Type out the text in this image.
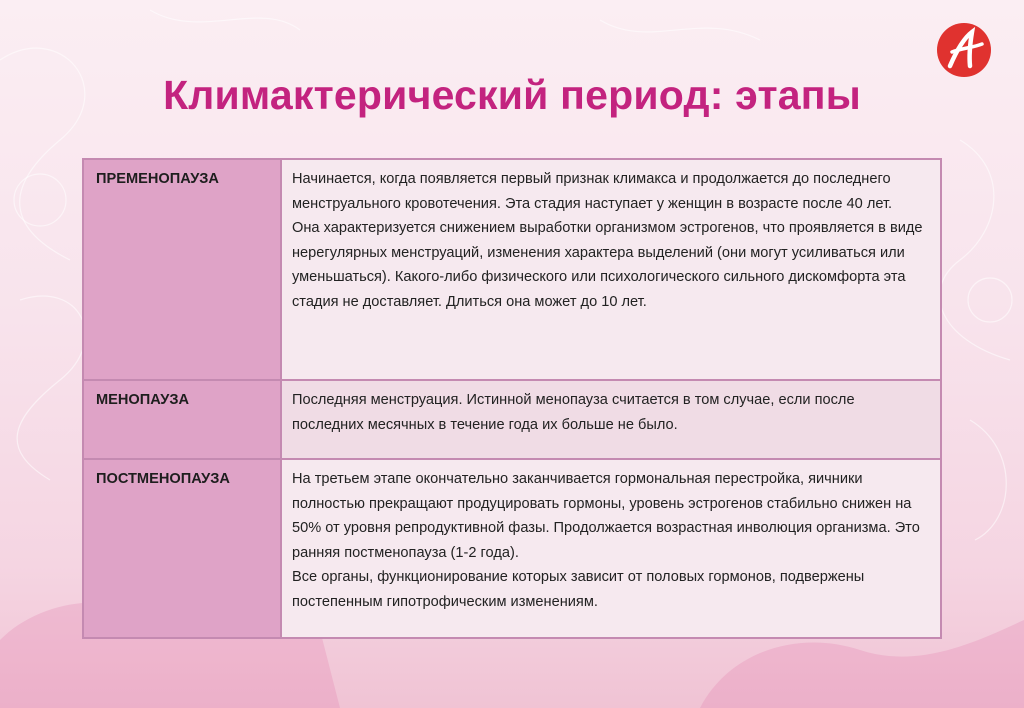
Климактерический период: этапы
ПРЕМЕНОПАУЗА	Начинается, когда появляется первый признак климакса и продолжается до последнего менструального кровотечения. Эта стадия наступает у женщин в возрасте после 40 лет.
Она характеризуется снижением выработки организмом эстрогенов, что проявляется в виде нерегулярных менструаций, изменения характера выделений (они могут усиливаться или уменьшаться). Какого-либо физического или психологического сильного дискомфорта эта стадия не доставляет. Длиться она может до 10 лет.

МЕНОПАУЗА	Последняя менструация. Истинной менопауза считается в том случае, если после последних месячных в течение года их больше не было.

ПОСТМЕНОПАУЗА	На третьем этапе окончательно заканчивается гормональная перестройка, яичники полностью прекращают продуцировать гормоны, уровень эстрогенов стабильно снижен на 50% от уровня репродуктивной фазы. Продолжается возрастная инволюция организма. Это ранняя постменопауза (1-2 года).
Все органы, функционирование которых зависит от половых гормонов, подвержены постепенным гипотрофическим изменениям.
